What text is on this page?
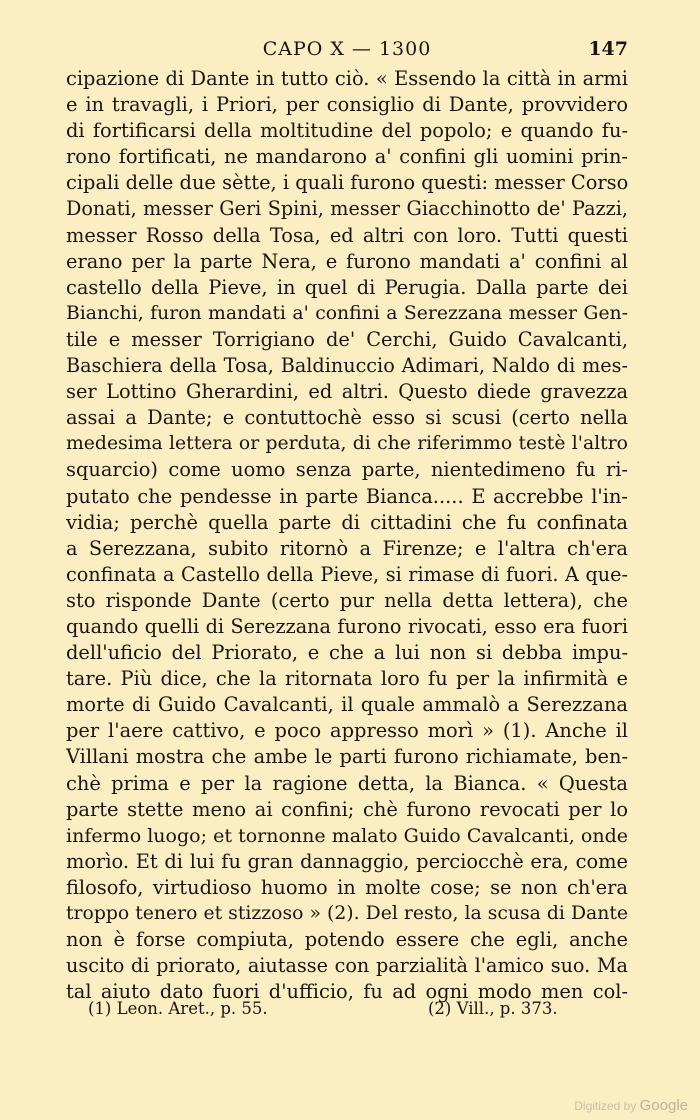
CAPO X — 1300	147
cipazione di Dante in tutto ciò. « Essendo la città in armi
e in travagli, i Priori, per consiglio di Dante, provvidero
di fortificarsi della moltitudine del popolo; e quando fu-
rono fortificati, ne mandarono a' confini gli uomini prin-
cipali delle due sètte, i quali furono questi: messer Corso
Donati, messer Geri Spini, messer Giacchinotto de' Pazzi,
messer Rosso della Tosa, ed altri con loro. Tutti questi
erano per la parte Nera, e furono mandati a' confini al
castello della Pieve, in quel di Perugia. Dalla parte dei
Bianchi, furon mandati a' confini a Serezzana messer Gen-
tile e messer Torrigiano de' Cerchi, Guido Cavalcanti,
Baschiera della Tosa, Baldinuccio Adimari, Naldo di mes-
ser Lottino Gherardini, ed altri. Questo diede gravezza
assai a Dante; e contuttochè esso si scusi (certo nella
medesima lettera or perduta, di che riferimmo testè l'altro
squarcio) come uomo senza parte, nientedimeno fu ri-
putato che pendesse in parte Bianca..... E accrebbe l'in-
vidia; perchè quella parte di cittadini che fu confinata
a Serezzana, subito ritornò a Firenze; e l'altra ch'era
confinata a Castello della Pieve, si rimase di fuori. A que-
sto risponde Dante (certo pur nella detta lettera), che
quando quelli di Serezzana furono rivocati, esso era fuori
dell'uficio del Priorato, e che a lui non si debba impu-
tare. Più dice, che la ritornata loro fu per la infirmità e
morte di Guido Cavalcanti, il quale ammalò a Serezzana
per l'aere cattivo, e poco appresso morì » (1). Anche il
Villani mostra che ambe le parti furono richiamate, ben-
chè prima e per la ragione detta, la Bianca. « Questa
parte stette meno ai confini; chè furono revocati per lo
infermo luogo; et tornonne malato Guido Cavalcanti, onde
morìo. Et di lui fu gran dannaggio, perciocchè era, come
filosofo, virtudioso huomo in molte cose; se non ch'era
troppo tenero et stizzoso » (2). Del resto, la scusa di Dante
non è forse compiuta, potendo essere che egli, anche
uscito di priorato, aiutasse con parzialità l'amico suo. Ma
tal aiuto dato fuori d'ufficio, fu ad ogni modo men col-
(1) Leon. Aret., p. 55.	(2) Vill., p. 373.
Digitized by Google
